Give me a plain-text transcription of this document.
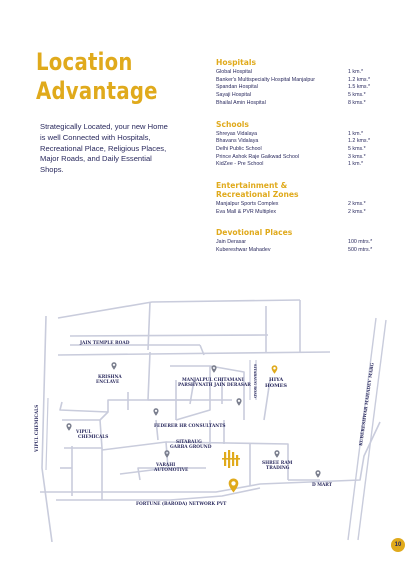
Location
Advantage

Strategically Located, your new Home is well Connected with Hospitals, Recreational Place, Religious Places, Major Roads, and Daily Essential Shops.

Hospitals
Global Hospital	1 km.*
Banker's Multispecialty Hospital Manjalpur	1.2 kms.*
Spandan Hospital	1.5 kms.*
Sayaji Hospital	5 kms.*
Bhailal Amin Hospital	8 kms.*
Schools
Shreyas Vidalaya	1 km.*
Bhavans Vidalaya	1.2 kms.*
Delhi Public School	5 kms.*
Prince Ashok Raje Gaikwad School	3 kms.*
KidZee - Pre School	1 km.*
Entertainment &
Recreational Zones
Manjalpur Sports Complex	2 kms.*
Eva Mall & PVR Multiplex	2 kms.*
Devotional Places
Jain Derasar	100 mtrs.*
Kubereshwar Mahadev	500 mtrs.*
JAIN TEMPLE ROAD
KRISHNA
ENCLAVE	MANJALPUL CHITAMANI
PARSHVNATH JAIN DERASAR
HIYA
HOMES
VIPUL
CHEMICALS
FEDERER HR CONSULTANTS
SITABAUG
GARBA GROUND
VARAHI
AUTOMOTIVE
SHREE RAM
TRADING
D MART
FORTUNE (BARODA) NETWORK PVT
VIPUL CHEMICALS	KUBERESHWAR MAHADEV MARG
SITABAUG ROAD
10
